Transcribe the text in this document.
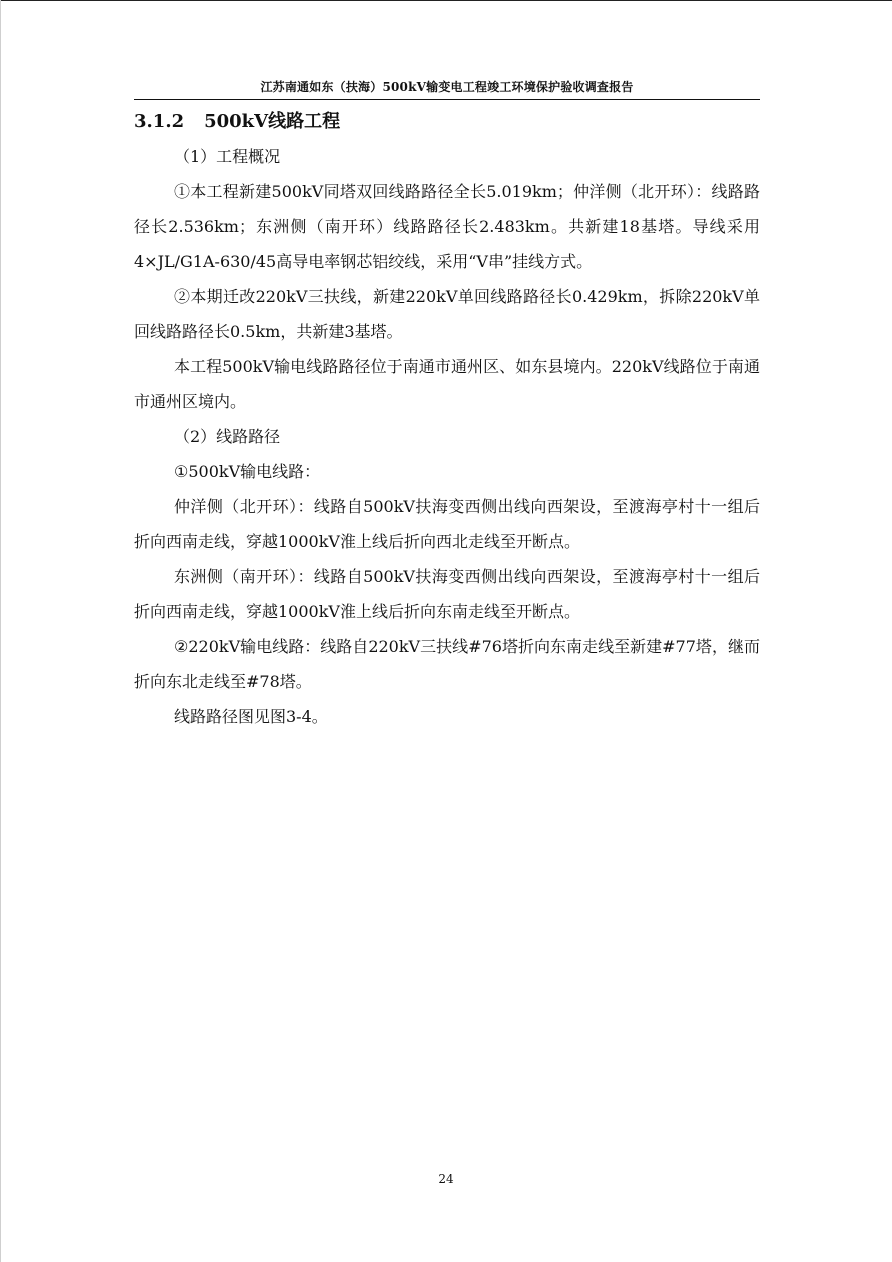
江苏南通如东（扶海）500kV输变电工程竣工环境保护验收调查报告
3.1.2 500kV线路工程

（1）工程概况

①本工程新建500kV同塔双回线路路径全长5.019km；仲洋侧（北开环）：线路路径长2.536km；东洲侧（南开环）线路路径长2.483km。共新建18基塔。导线采用4×JL/G1A-630/45高导电率钢芯铝绞线，采用“V串”挂线方式。

②本期迁改220kV三扶线，新建220kV单回线路路径长0.429km，拆除220kV单回线路路径长0.5km，共新建3基塔。

本工程500kV输电线路路径位于南通市通州区、如东县境内。220kV线路位于南通市通州区境内。

（2）线路路径

①500kV输电线路：

仲洋侧（北开环）：线路自500kV扶海变西侧出线向西架设，至渡海亭村十一组后折向西南走线，穿越1000kV淮上线后折向西北走线至开断点。

东洲侧（南开环）：线路自500kV扶海变西侧出线向西架设，至渡海亭村十一组后折向西南走线，穿越1000kV淮上线后折向东南走线至开断点。

②220kV输电线路：线路自220kV三扶线#76塔折向东南走线至新建#77塔，继而折向东北走线至#78塔。

线路路径图见图3-4。

24
